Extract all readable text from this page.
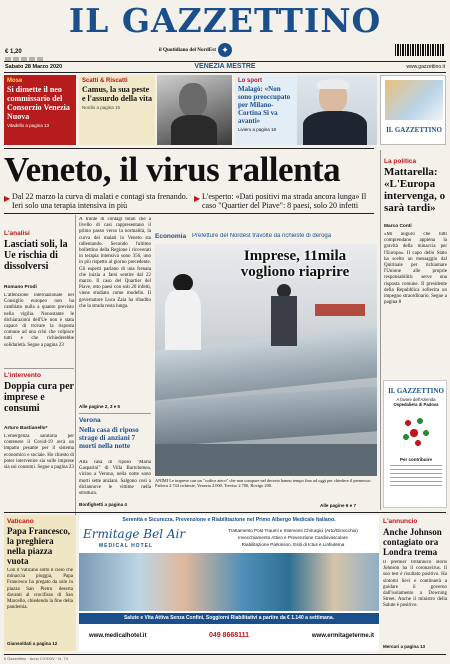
IL GAZZETTINO
€ 1,20	✦
il Quotidiano del NordEst
Sabato 28 Marzo 2020	VENEZIA MESTRE	www.gazzettino.it
Mose
Si dimette il neo commissario del Consorzio Venezia Nuova
Vitadello a pagina 13
Scatti & Riscatti
Camus, la sua peste e l'assurdo della vita
Nordio a pagina 15
Lo sport
Malagò: «Non sono preoccupato per Milano-Cortina Si va avanti»
Liviero a pagina 18	IL GAZZETTINO
Veneto, il virus rallenta
▶ Dal 22 marzo la curva di malati e contagi sta frenando. Ieri solo una terapia intensiva in più
▶ L'esperto: «Dati positivi ma strada ancora lunga» Il caso "Quartier del Piave": 8 paesi, solo 20 infetti
La politica
Mattarella: «L'Europa intervenga, o sarà tardi»
Marco Conti
«Mi auguro che tutti comprendano appiena la gravità della minaccia per l'Europa». Il capo dello Stato ha scelto un messaggio dal Quirinale per richiamare l'Unione alle proprie responsabilità: serve una risposta comune. Il presidente della Repubblica sollecita un impegno straordinario. Segue a pagina 8
IL GAZZETTINO
A favore dell'Azienda
Ospedaliera di Padova
Per contribuire
L'analisi
Lasciati soli, la Ue rischia di dissolversi
Romano Prodi
L'attenzione internazionale nel Consiglio europeo non ha cambiato nulla a quanto previsto nella vigilia. Nonostante le dichiarazioni dell'Ue non è stata capace di trovare la risposta comune ad una crisi che colpisce tutti e che richiederebbe solidarietà. Segue a pagina 23
L'intervento
Doppia cura per imprese e consumi
Arturo Bastianello*
L'emergenza sanitaria per contenere il Covid-19 avrà un impatto pesante per il sistema economico e sociale. Ho chiesto di poter intervenire sia sulle imprese sia sui consumi. Segue a pagina 23
A fronte di contagi totali che a livello di casi rappresentano il primo passo verso la normalità, la curva dei malati in Veneto sta rallentando. Secondo l'ultimo bollettino della Regione i ricoverati in terapia intensiva sono 356, uno in più rispetto al giorno precedente. Gli esperti parlano di una frenata che inizia a farsi sentire dal 22 marzo. Il caso del Quartier del Piave, otto paesi con soli 20 infetti, viene studiato come modello. Il governatore Luca Zaia ha ribadito che la strada resta lunga.
Alle pagine 2, 3 e 5
Verona
Nella casa di riposo strage di anziani 7 morti nella notte
Alla casa di riposo "Maria Gasparini" di Villa Bartolomea, vicino a Verona, nella notte sono morti sette anziani. Salgono così a diciannove le vittime nella struttura.
Bonfighetti a pagina 4
Economia Prefetture del Nordest travolte da richieste di deroga
Imprese, 11mila vogliono riaprire
ANIMI Le imprese con un "codice ateco" che non compare nel decreto hanno tempo fino ad oggi per chiedere il permesso: Padova 2.744 richieste, Venezia 2.000, Treviso 2.700, Rovigo 200.
Alle pagine 6 e 7
Vaticano
Papa Francesco, la preghiera nella piazza vuota
Con il Vaticano sotto il cielo che minaccia pioggia, Papa Francesco ha pregato da solo in piazza San Pietro deserta davanti al crocifisso di San Marcello, chiedendo la fine della pandemia.
Giansoldati a pagina 12
Serenità e Sicurezza, Prevenzione e Riabilitazione nel Primo Albergo Medicale Italiano.
Ermitage Bel Air
MEDICAL HOTEL
Trattamento Post Traumi e Interventi Chirurgici (Arto/Ginocchio)
Invecchiamento Attivo e Prevenzione Cardiovascolare
Riabilitazione Parkinson, Esiti di Ictus e Linfedema
Salute e Vita Attiva Senza Confini, Soggiorni Riabilitativi a partire da € 1.140 a settimana.
www.medicalhotel.it	049 8668111	www.ermitageterme.it
L'annuncio
Anche Johnson contagiato ora Londra trema
Il premier britannico Boris Johnson ha il coronavirus. Il suo test è risultato positivo. Ha sintomi lievi e continuerà a guidare il governo dall'isolamento a Downing Street. Anche il ministro della Salute è positivo.
Mercuri a pagina 13
Il Gazzettino · Anno CXXXIV · N. 74
